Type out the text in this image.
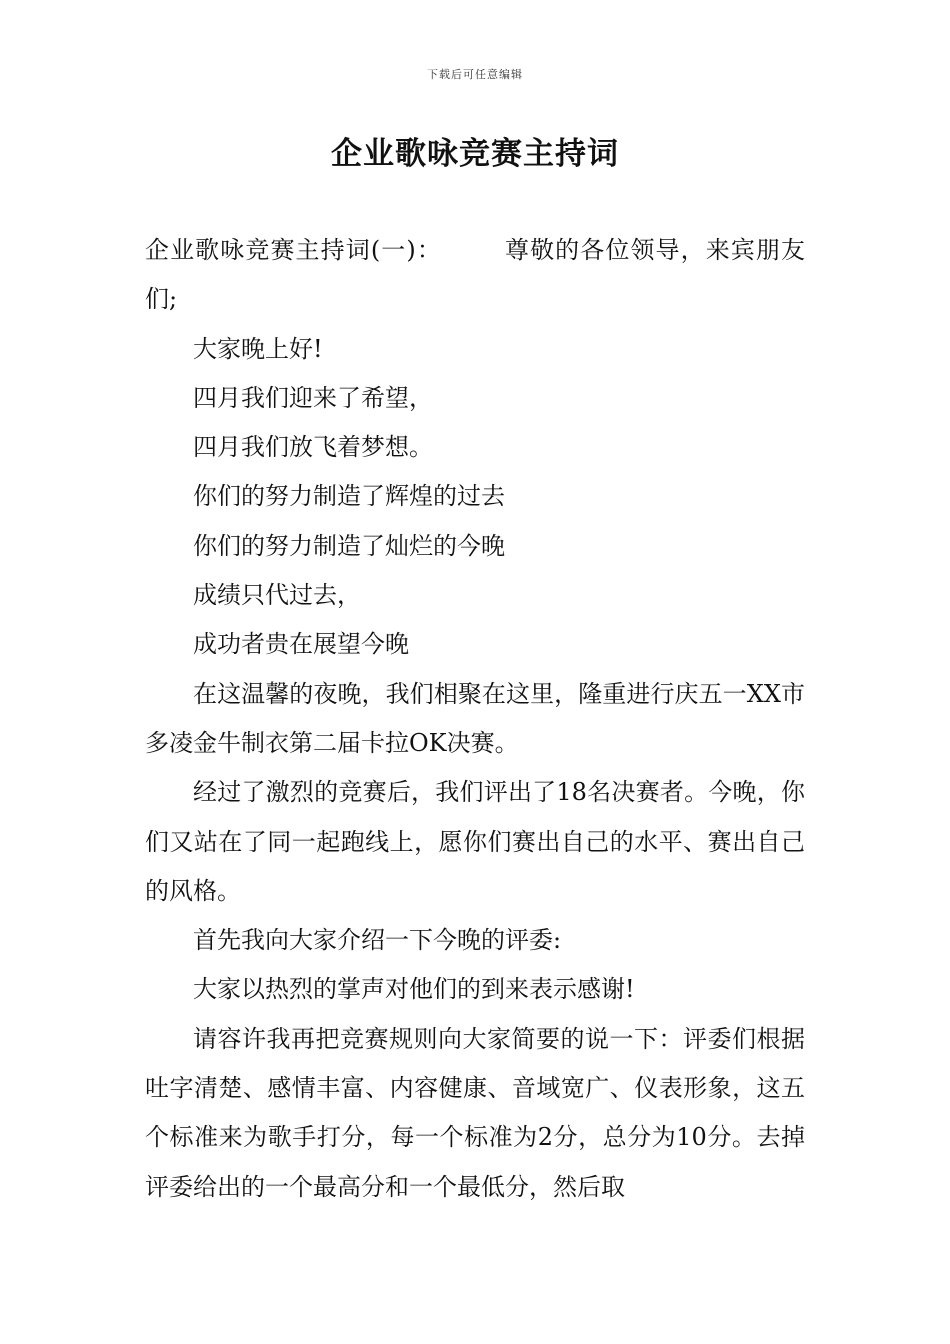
下载后可任意编辑
企业歌咏竞赛主持词

企业歌咏竞赛主持词(一)：	尊敬的各位领导，来宾朋友们;

大家晚上好!

四月我们迎来了希望，

四月我们放飞着梦想。

你们的努力制造了辉煌的过去

你们的努力制造了灿烂的今晚

成绩只代过去，

成功者贵在展望今晚

在这温馨的夜晚，我们相聚在这里，隆重进行庆五一XX市多凌金牛制衣第二届卡拉OK决赛。

经过了激烈的竞赛后，我们评出了18名决赛者。今晚，你们又站在了同一起跑线上，愿你们赛出自己的水平、赛出自己的风格。

首先我向大家介绍一下今晚的评委:

大家以热烈的掌声对他们的到来表示感谢!

请容许我再把竞赛规则向大家简要的说一下：评委们根据吐字清楚、感情丰富、内容健康、音域宽广、仪表形象，这五个标准来为歌手打分，每一个标准为2分，总分为10分。去掉评委给出的一个最高分和一个最低分，然后取
